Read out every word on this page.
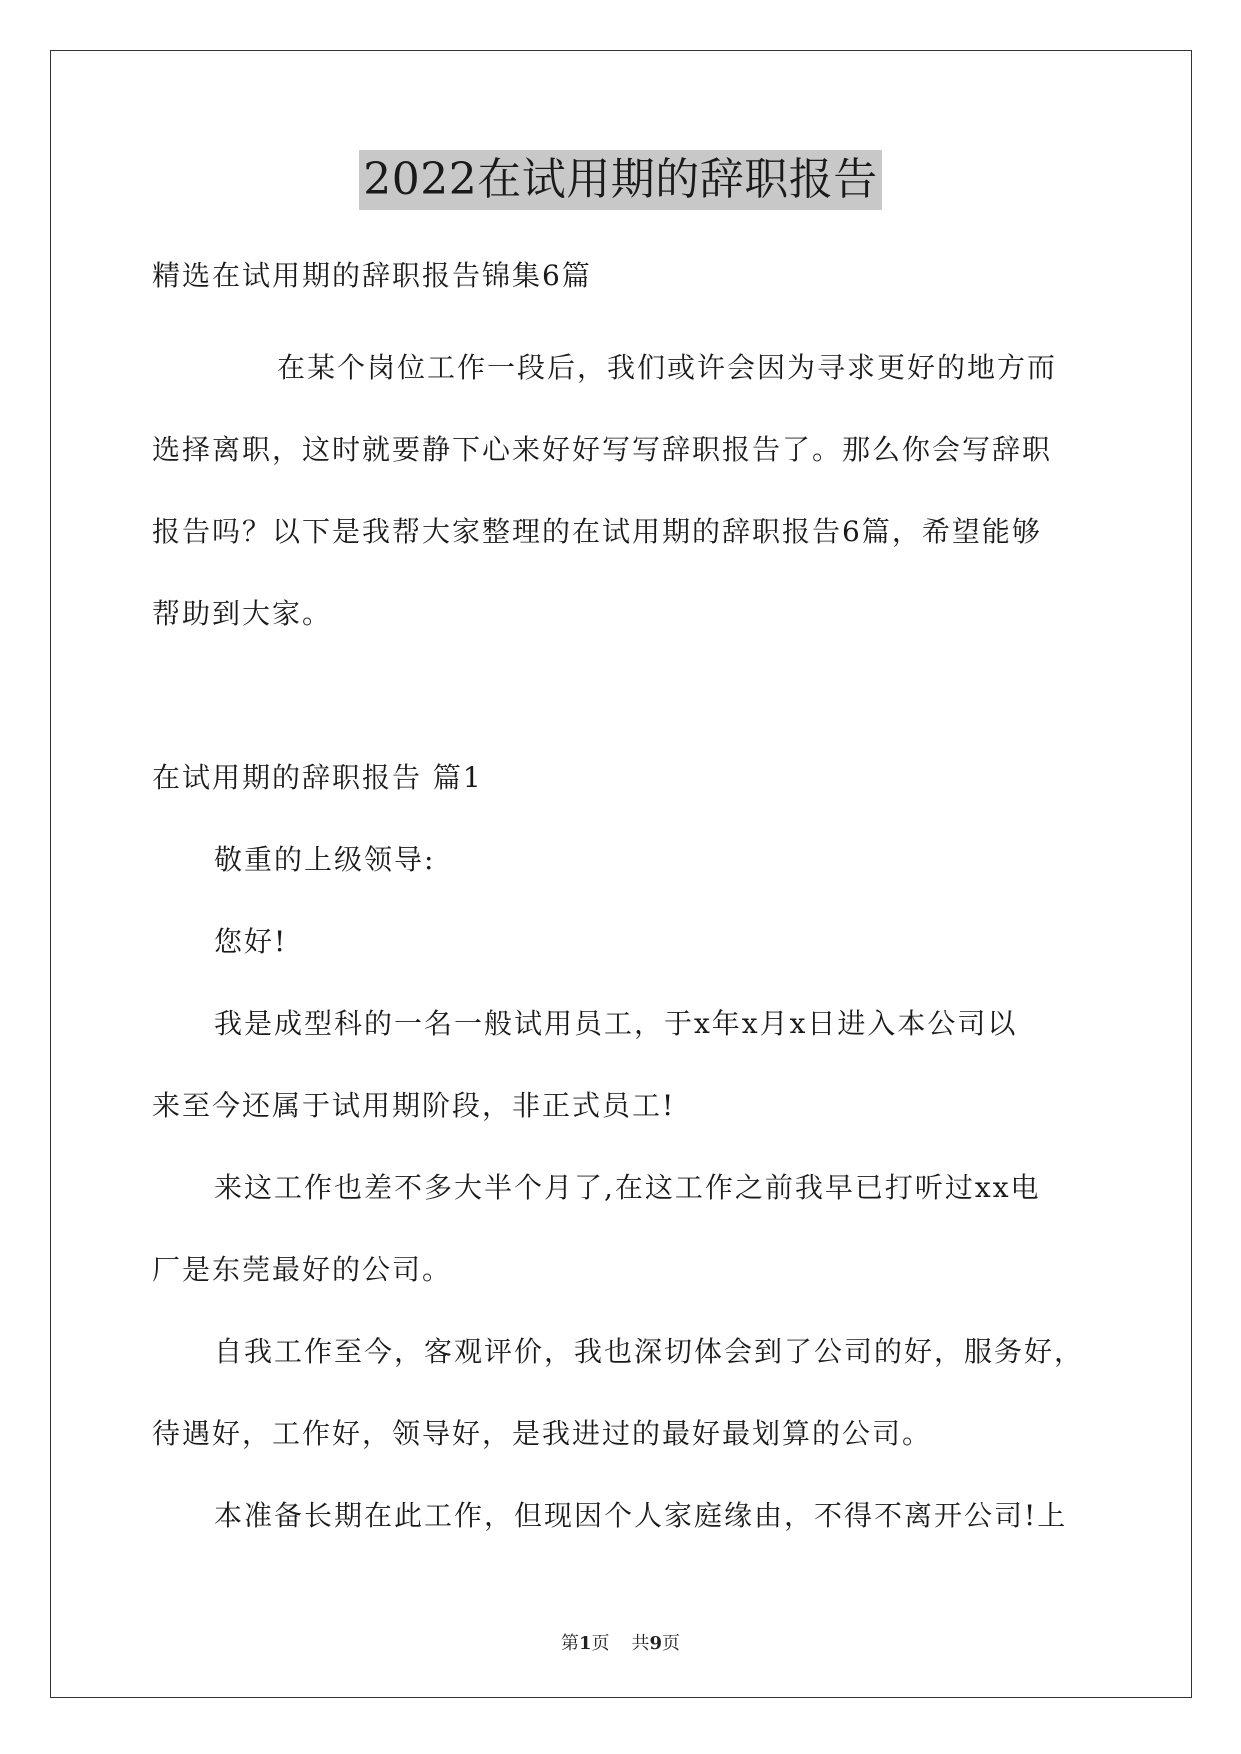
2022在试用期的辞职报告
精选在试用期的辞职报告锦集6篇
在某个岗位工作一段后，我们或许会因为寻求更好的地方而
选择离职，这时就要静下心来好好写写辞职报告了。那么你会写辞职
报告吗？以下是我帮大家整理的在试用期的辞职报告6篇，希望能够
帮助到大家。
在试用期的辞职报告 篇1
敬重的上级领导:
您好!
我是成型科的一名一般试用员工，于x年x月x日进入本公司以
来至今还属于试用期阶段，非正式员工!
来这工作也差不多大半个月了,在这工作之前我早已打听过xx电
厂是东莞最好的公司。
自我工作至今，客观评价，我也深切体会到了公司的好，服务好，
待遇好，工作好，领导好，是我进过的最好最划算的公司。
本准备长期在此工作，但现因个人家庭缘由，不得不离开公司!上
第1页 共9页
